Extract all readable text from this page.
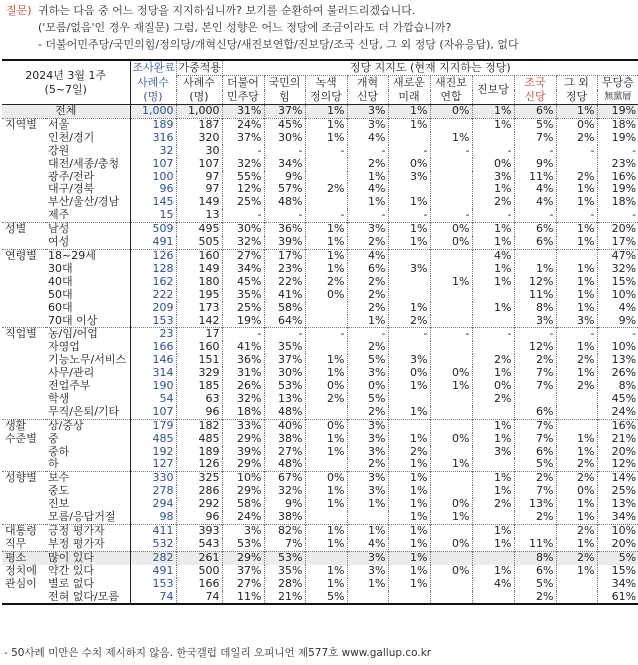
질문) 귀하는 다음 중 어느 정당을 지지하십니까? 보기를 순환하여 불러드리겠습니다.
('모름/없음'인 경우 재질문) 그럼, 본인 성향은 어느 정당에 조금이라도 더 가깝습니까?
- 더불어민주당/국민의힘/정의당/개혁신당/새진보연합/진보당/조국 신당, 그 외 정당 (자유응답), 없다
2024년 3월 1주
(5~7일)		조사완료	가중적용	정당 지지도 (현재 지지하는 정당)									
		사례수	사례수	더불어	국민의	녹색	개혁	새로운	새진보	진보당	조국	그 외	무당층
		(명)	(명)	민주당	힘	정의당	신당	미래	연합		신당	정당	無黨層
전체		1,000	1,000	31%	37%	1%	3%	1%	0%	1%	6%	1%	19%
지역별	서울	189	187	24%	45%	1%	3%	1%		1%	5%	0%	18%
	인천/경기	316	320	37%	30%	1%	4%		1%		7%	2%	19%
	강원	32	30	-	-	-	-	-	-	-	-	-	-
	대전/세종/충청	107	107	32%	34%		2%	0%		0%	9%		23%
	광주/전라	100	97	55%	9%		1%	3%		3%	11%	2%	16%
	대구/경북	96	97	12%	57%	2%	4%			1%	4%	1%	19%
	부산/울산/경남	145	149	25%	48%		1%	1%		2%	4%	1%	18%
	제주	15	13	-	-	-	-	-	-	-	-	-	-
성별	남성	509	495	30%	36%	1%	3%	1%	0%	1%	6%	1%	20%
	여성	491	505	32%	39%	1%	2%	1%	0%	1%	6%	1%	17%
연령별	18~29세	126	160	27%	17%	1%	4%			4%			47%
	30대	128	149	34%	23%	1%	6%	3%		1%	1%	1%	32%
	40대	162	180	45%	22%	2%	2%		1%	1%	12%	1%	15%
	50대	222	195	35%	41%	0%	2%				11%	1%	10%
	60대	209	173	25%	58%		2%	1%		1%	8%	1%	4%
	70대 이상	153	142	19%	64%		1%	2%			3%	3%	9%
직업별	농/임/어업	23	17	-	-	-	-	-	-	-	-	-	-
	자영업	166	160	41%	35%		2%				12%	1%	10%
	기능노무/서비스	146	151	36%	37%	1%	5%	3%		2%	2%	2%	13%
	사무/관리	314	329	31%	30%	1%	3%	0%	0%	1%	7%	1%	26%
	전업주부	190	185	26%	53%	0%	0%	1%	1%	0%	7%	2%	8%
	학생	54	63	32%	13%	2%	5%			2%			45%
	무직/은퇴/기타	107	96	18%	48%		2%	1%			6%		24%
생활	상/중상	179	182	33%	40%	0%	3%			1%	7%		16%
수준별	중	485	485	29%	38%	1%	3%	1%	0%	1%	7%	1%	21%
	중하	192	189	39%	27%	1%	3%	2%		3%	6%	1%	20%
	하	127	126	29%	48%		2%	1%	1%		5%	2%	12%
성향별	보수	330	325	10%	67%	0%	3%	1%		1%	2%	2%	14%
	중도	278	286	29%	32%	1%	3%	1%		1%	7%	0%	25%
	진보	294	292	58%	9%	1%	1%	1%	0%	2%	13%	1%	13%
	모름/응답거절	98	96	24%	38%			1%	1%		2%	1%	34%
대통령	긍정 평가자	411	393	3%	82%	1%	1%	1%		1%		2%	10%
직무	부정 평가자	532	543	53%	7%	1%	4%	1%	0%	1%	11%	1%	20%
평소	많이 있다	282	261	29%	53%		3%	1%			8%	2%	5%
정치에	약간 있다	491	500	37%	35%	1%	3%	1%	0%	1%	6%	1%	15%
관심이	별로 없다	153	166	27%	28%	1%	1%	1%		4%	5%		34%
	전혀 없다/모름	74	74	11%	21%	5%					2%		61%
- 50사례 미만은 수치 제시하지 않음. 한국갤럽 데일리 오피니언 제577호 www.gallup.co.kr
